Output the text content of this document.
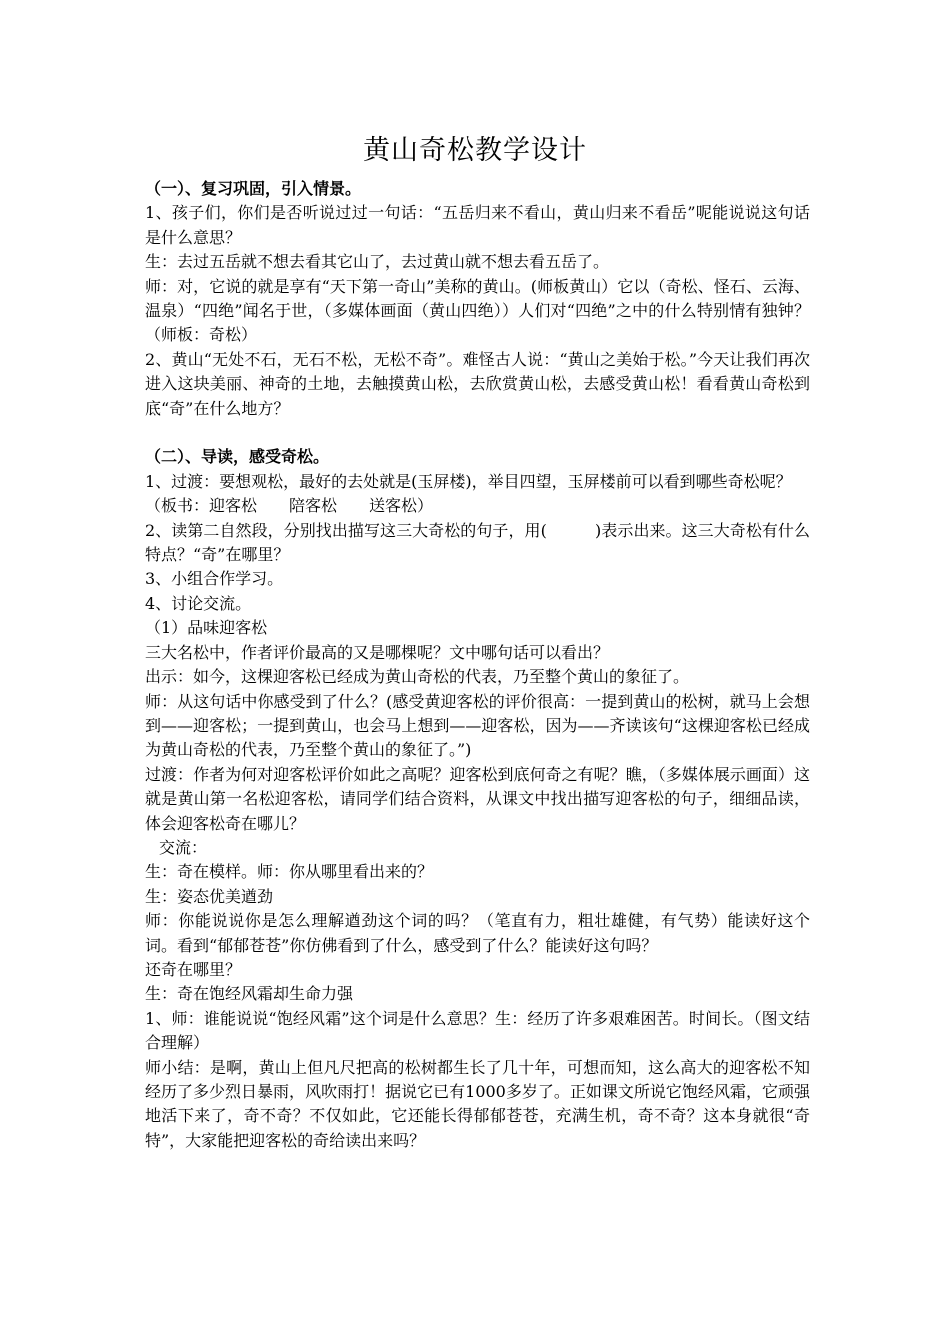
黄山奇松教学设计

（一）、复习巩固，引入情景。

1、孩子们，你们是否听说过过一句话：“五岳归来不看山，黄山归来不看岳”呢能说说这句话是什么意思？

生：去过五岳就不想去看其它山了，去过黄山就不想去看五岳了。

师：对，它说的就是享有“天下第一奇山”美称的黄山。(师板黄山）它以（奇松、怪石、云海、温泉）“四绝”闻名于世，（多媒体画面（黄山四绝））人们对“四绝”之中的什么特别情有独钟？（师板：奇松）

2、黄山“无处不石，无石不松，无松不奇”。难怪古人说：“黄山之美始于松。”今天让我们再次进入这块美丽、神奇的土地，去触摸黄山松，去欣赏黄山松，去感受黄山松！看看黄山奇松到底“奇”在什么地方？

（二）、导读，感受奇松。

1、过渡：要想观松，最好的去处就是(玉屏楼)，举目四望，玉屏楼前可以看到哪些奇松呢？

（板书：迎客松　　陪客松　　送客松）

2、读第二自然段，分别找出描写这三大奇松的句子，用(　　　)表示出来。这三大奇松有什么特点？“奇”在哪里？

3、小组合作学习。

4、讨论交流。

（1）品味迎客松

三大名松中，作者评价最高的又是哪棵呢？文中哪句话可以看出？

出示：如今，这棵迎客松已经成为黄山奇松的代表，乃至整个黄山的象征了。

师：从这句话中你感受到了什么？(感受黄迎客松的评价很高：一提到黄山的松树，就马上会想到——迎客松；一提到黄山，也会马上想到——迎客松，因为——齐读该句“这棵迎客松已经成为黄山奇松的代表，乃至整个黄山的象征了。”)

过渡：作者为何对迎客松评价如此之高呢？迎客松到底何奇之有呢？瞧，（多媒体展示画面）这就是黄山第一名松迎客松，请同学们结合资料，从课文中找出描写迎客松的句子，细细品读，体会迎客松奇在哪儿？

交流：

生：奇在模样。师：你从哪里看出来的？

生：姿态优美遒劲

师：你能说说你是怎么理解遒劲这个词的吗？（笔直有力，粗壮雄健，有气势）能读好这个词。看到“郁郁苍苍”你仿佛看到了什么，感受到了什么？能读好这句吗？

还奇在哪里？

生：奇在饱经风霜却生命力强

1、师：谁能说说“饱经风霜”这个词是什么意思？生：经历了许多艰难困苦。时间长。（图文结合理解）

师小结：是啊，黄山上但凡尺把高的松树都生长了几十年，可想而知，这么高大的迎客松不知经历了多少烈日暴雨，风吹雨打！据说它已有1000多岁了。正如课文所说它饱经风霜，它顽强地活下来了，奇不奇？不仅如此，它还能长得郁郁苍苍，充满生机，奇不奇？这本身就很“奇特”，大家能把迎客松的奇给读出来吗？
